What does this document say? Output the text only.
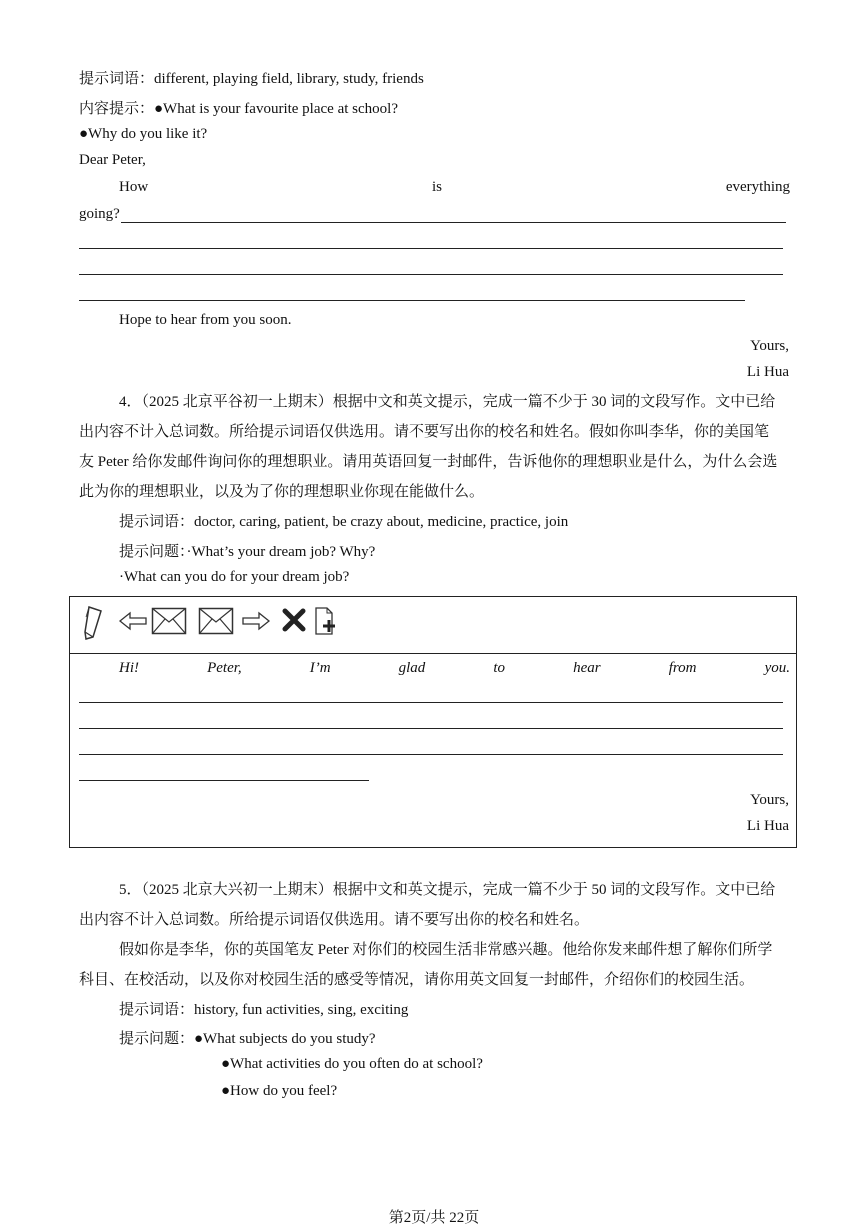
提示词语：different, playing field, library, study, friends
内容提示：●What is your favourite place at school?
●Why do you like it?
Dear Peter,
How	is	everything
going?
Hope to hear from you soon.
Yours,
Li Hua
4．（2025 北京平谷初一上期末）根据中文和英文提示，完成一篇不少于 30 词的文段写作。文中已给
出内容不计入总词数。所给提示词语仅供选用。请不要写出你的校名和姓名。假如你叫李华，你的美国笔
友 Peter 给你发邮件询问你的理想职业。请用英语回复一封邮件，告诉他你的理想职业是什么，为什么会选
此为你的理想职业，以及为了你的理想职业你现在能做什么。
提示词语：doctor, caring, patient, be crazy about, medicine, practice, join
提示问题：·What’s your dream job? Why?
·What can you do for your dream job?
Hi!	Peter,	I’m	glad	to	hear	from	you.
Yours,
Li Hua
5．（2025 北京大兴初一上期末）根据中文和英文提示，完成一篇不少于 50 词的文段写作。文中已给
出内容不计入总词数。所给提示词语仅供选用。请不要写出你的校名和姓名。
假如你是李华，你的英国笔友 Peter 对你们的校园生活非常感兴趣。他给你发来邮件想了解你们所学
科目、在校活动，以及你对校园生活的感受等情况，请你用英文回复一封邮件，介绍你们的校园生活。
提示词语：history, fun activities, sing, exciting
提示问题：●What subjects do you study?
●What activities do you often do at school?
●How do you feel?
第2页/共 22页
